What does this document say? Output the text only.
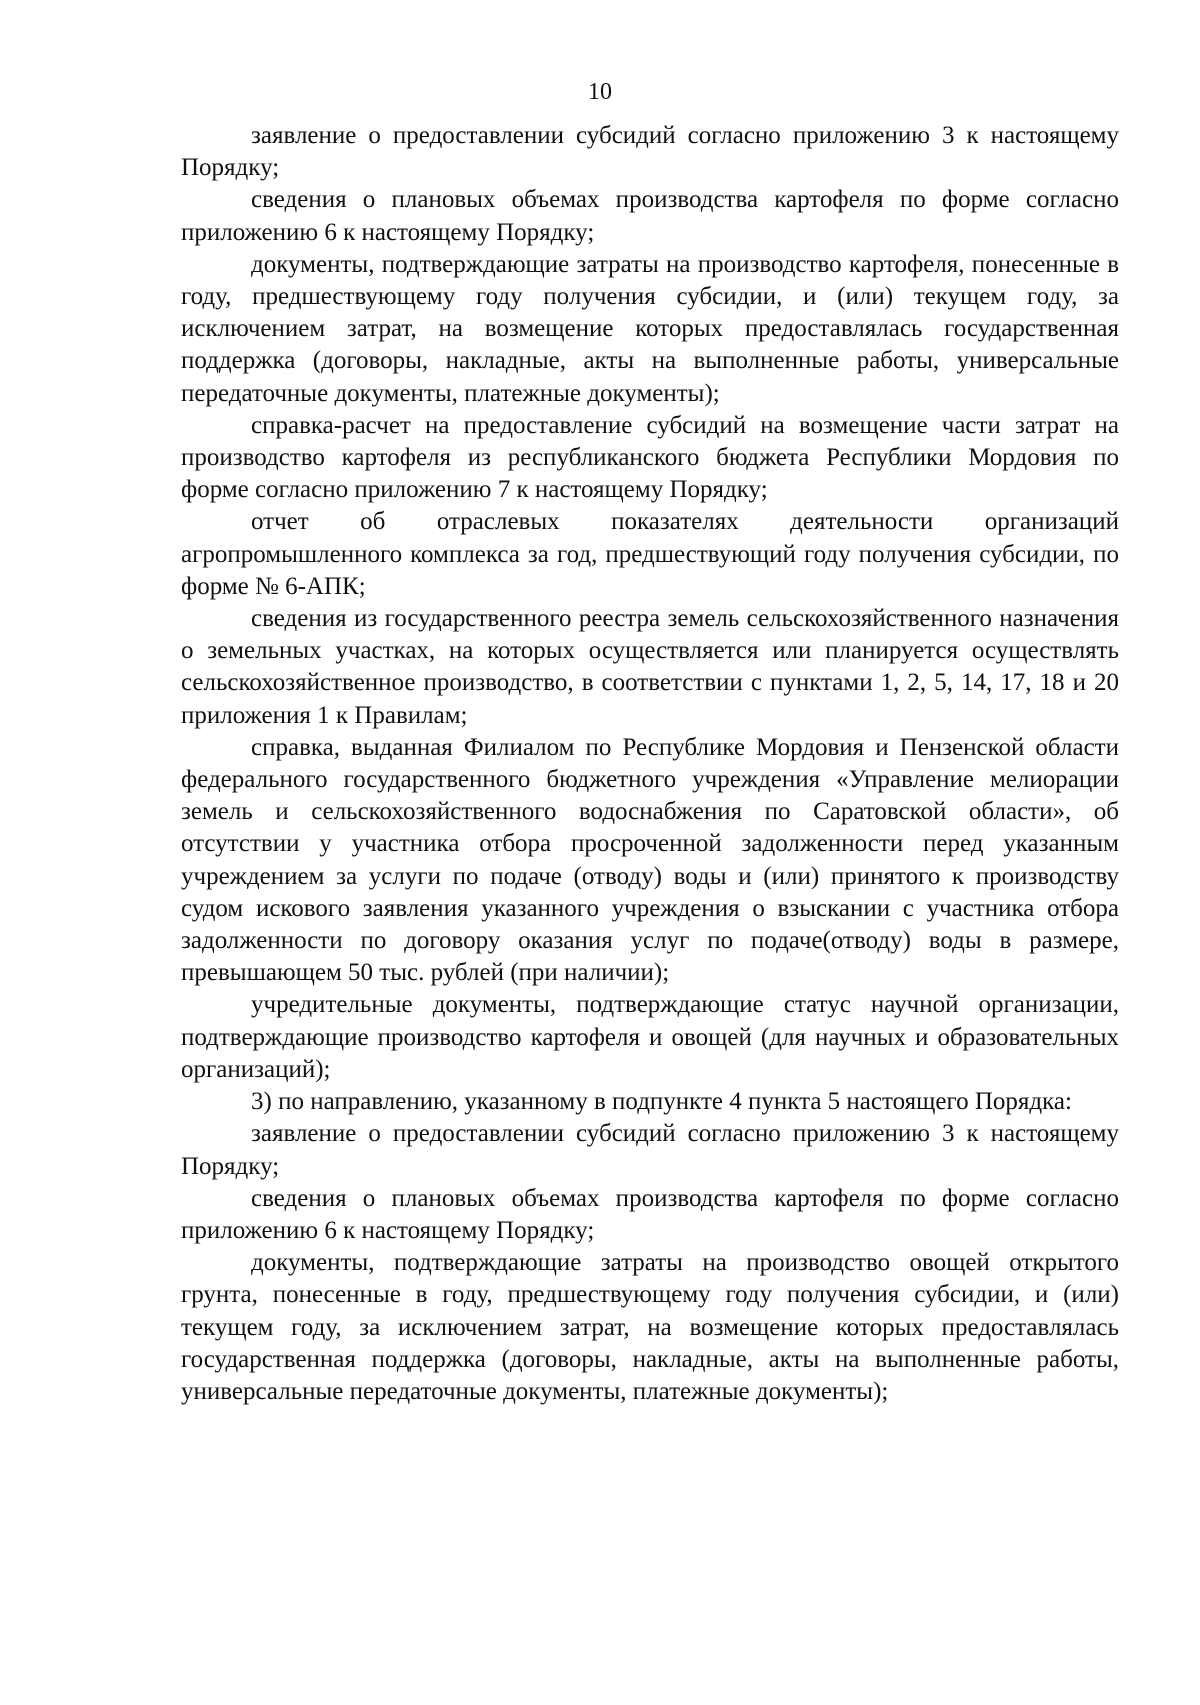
10

заявление о предоставлении субсидий согласно приложению 3 к настоящему Порядку;

сведения о плановых объемах производства картофеля по форме согласно приложению 6 к настоящему Порядку;

документы, подтверждающие затраты на производство картофеля, понесенные в году, предшествующему году получения субсидии, и (или) текущем году, за исключением затрат, на возмещение которых предоставлялась государственная поддержка (договоры, накладные, акты на выполненные работы, универсальные передаточные документы, платежные документы);

справка-расчет на предоставление субсидий на возмещение части затрат на производство картофеля из республиканского бюджета Республики Мордовия по форме согласно приложению 7 к настоящему Порядку;

отчет об отраслевых показателях деятельности организаций агропромышленного комплекса за год, предшествующий году получения субсидии, по форме № 6-АПК;

сведения из государственного реестра земель сельскохозяйственного назначения о земельных участках, на которых осуществляется или планируется осуществлять сельскохозяйственное производство, в соответствии с пунктами 1, 2, 5, 14, 17, 18 и 20 приложения 1 к Правилам;

справка, выданная Филиалом по Республике Мордовия и Пензенской области федерального государственного бюджетного учреждения «Управление мелиорации земель и сельскохозяйственного водоснабжения по Саратовской области», об отсутствии у участника отбора просроченной задолженности перед указанным учреждением за услуги по подаче (отводу) воды и (или) принятого к производству судом искового заявления указанного учреждения о взыскании с участника отбора задолженности по договору оказания услуг по подаче(отводу) воды в размере, превышающем 50 тыс. рублей (при наличии);

учредительные документы, подтверждающие статус научной организации, подтверждающие производство картофеля и овощей (для научных и образовательных организаций);

3) по направлению, указанному в подпункте 4 пункта 5 настоящего Порядка:

заявление о предоставлении субсидий согласно приложению 3 к настоящему Порядку;

сведения о плановых объемах производства картофеля по форме согласно приложению 6 к настоящему Порядку;

документы, подтверждающие затраты на производство овощей открытого грунта, понесенные в году, предшествующему году получения субсидии, и (или) текущем году, за исключением затрат, на возмещение которых предоставлялась государственная поддержка (договоры, накладные, акты на выполненные работы, универсальные передаточные документы, платежные документы);
